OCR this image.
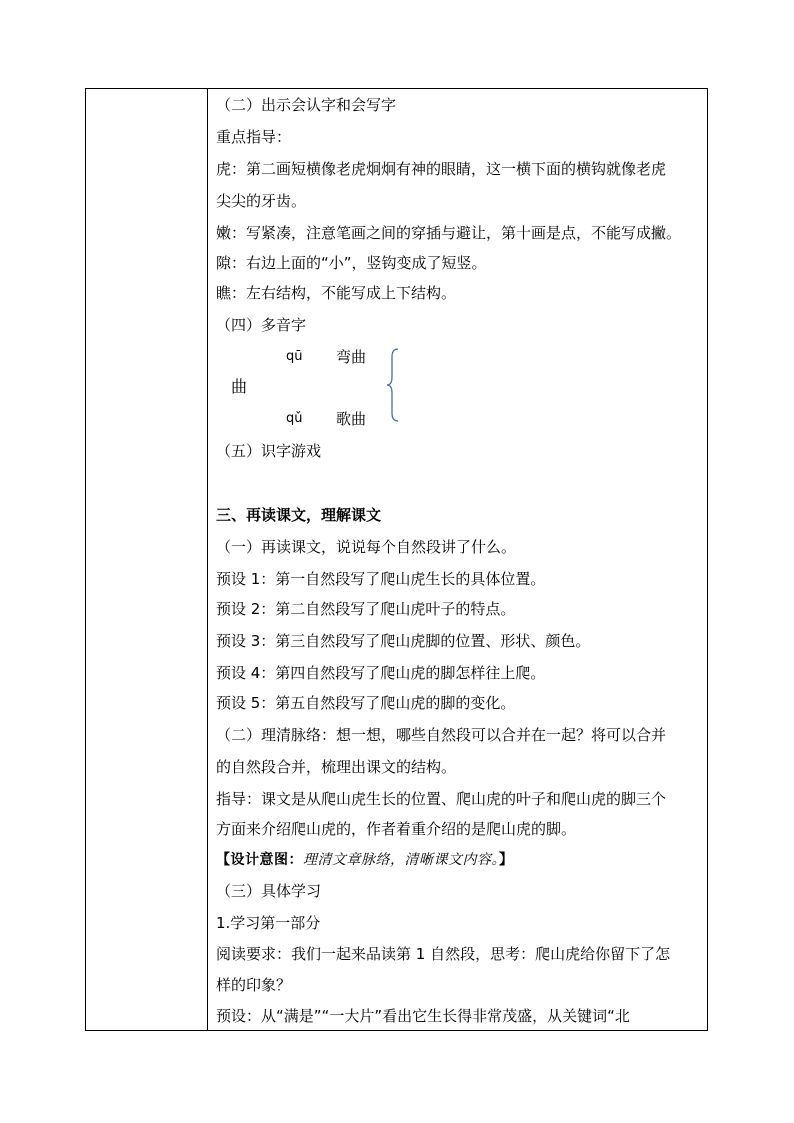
（二）出示会认字和会写字
重点指导：
虎：第二画短横像老虎炯炯有神的眼睛，这一横下面的横钩就像老虎
尖尖的牙齿。
嫩：写紧凑，注意笔画之间的穿插与避让，第十画是点，不能写成撇。
隙：右边上面的“小”，竖钩变成了短竖。
瞧：左右结构，不能写成上下结构。
（四）多音字
曲
qū 弯曲
qǔ 歌曲
（五）识字游戏
三、再读课文，理解课文
（一）再读课文，说说每个自然段讲了什么。
预设 1：第一自然段写了爬山虎生长的具体位置。
预设 2：第二自然段写了爬山虎叶子的特点。
预设 3：第三自然段写了爬山虎脚的位置、形状、颜色。
预设 4：第四自然段写了爬山虎的脚怎样往上爬。
预设 5：第五自然段写了爬山虎的脚的变化。
（二）理清脉络：想一想，哪些自然段可以合并在一起？将可以合并
的自然段合并，梳理出课文的结构。
指导：课文是从爬山虎生长的位置、爬山虎的叶子和爬山虎的脚三个
方面来介绍爬山虎的，作者着重介绍的是爬山虎的脚。
【设计意图：理清文章脉络，清晰课文内容。】
（三）具体学习
1.学习第一部分
阅读要求：我们一起来品读第 1 自然段，思考：爬山虎给你留下了怎
样的印象？
预设：从“满是”“一大片”看出它生长得非常茂盛，从关键词“北
